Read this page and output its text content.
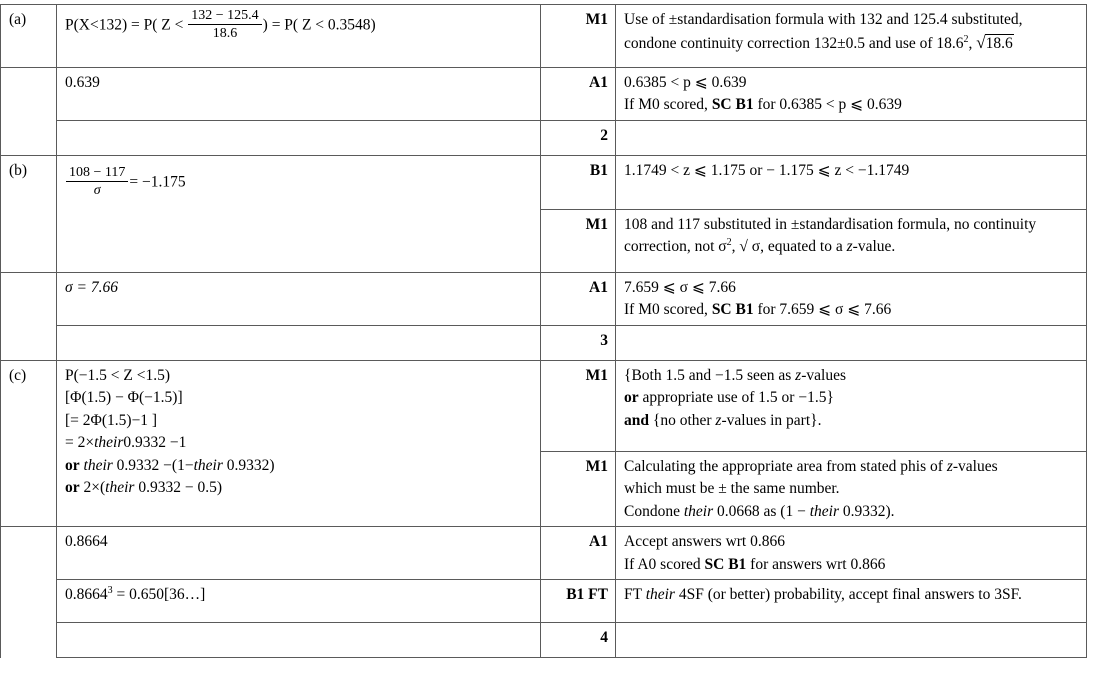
(a)	P(X<132) = P( $Z < \frac{132 - 125.4}{18.6}$ ) = P( Z < 0.3548)	M1	Use of ±standardisation formula with 132 and 125.4 substituted,
condone continuity correction 132±0.5 and use of 18.6$^2$, √18.6

	0.639	A1	0.6385 < p ⩽ 0.639
If M0 scored, SC B1 for 0.6385 < p ⩽ 0.639

		2	
(b)	$\frac{108 - 117}{\sigma} = -1.175$	B1	1.1749 < z ⩽ 1.175 or − 1.175 ⩽ z < −1.1749

		M1	108 and 117 substituted in ±standardisation formula, no continuity
correction, not $\sigma^2$, √ σ, equated to a z-value.

	σ = 7.66	A1	7.659 ⩽ σ ⩽ 7.66
If M0 scored, SC B1 for 7.659 ⩽ σ ⩽ 7.66

		3	
(c)	P(−1.5 < Z <1.5)
[Φ(1.5) − Φ(−1.5)]
[= 2Φ(1.5)−1 ]
= 2×their0.9332 −1
or their 0.9332 −(1−their 0.9332)
or 2×(their 0.9332 − 0.5)
	M1	{Both 1.5 and −1.5 seen as z-values
or appropriate use of 1.5 or −1.5}
and {no other z-values in part}.

		M1	Calculating the appropriate area from stated phis of z-values
which must be ± the same number.
Condone their 0.0668 as (1 − their 0.9332).

	0.8664	A1	Accept answers wrt 0.866
If A0 scored SC B1 for answers wrt 0.866

	$0.8664^3$ = 0.650[36…]	B1 FT	FT their 4SF (or better) probability, accept final answers to 3SF.

		4	
